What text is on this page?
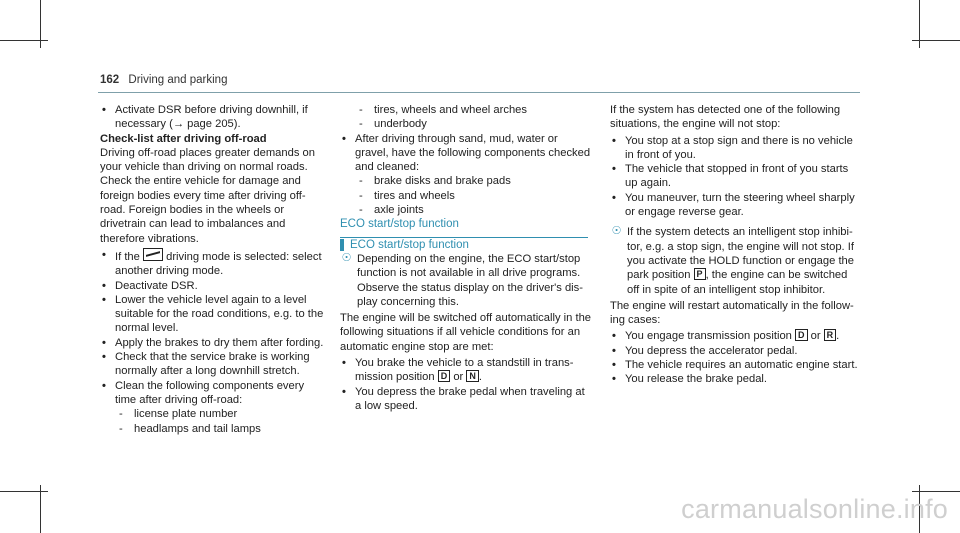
162 Driving and parking

• Activate DSR before driving downhill, if necessary (→ page 205).

Check-list after driving off-road

Driving off-road places greater demands on your vehicle than driving on normal roads. Check the entire vehicle for damage and foreign bodies every time after driving off-road. Foreign bodies in the wheels or drivetrain can lead to imbalances and therefore vibrations.

• If the driving mode is selected: select another driving mode.

• Deactivate DSR.

• Lower the vehicle level again to a level suitable for the road conditions, e.g. to the normal level.

• Apply the brakes to dry them after fording.

• Check that the service brake is working normally after a long downhill stretch.

• Clean the following components every time after driving off-road:

- license plate number

- headlamps and tail lamps

- tires, wheels and wheel arches

- underbody

• After driving through sand, mud, water or gravel, have the following components checked and cleaned:

- brake disks and brake pads

- tires and wheels

- axle joints

ECO start/stop function

ECO start/stop function

☉ Depending on the engine, the ECO start/stop function is not available in all drive programs. Observe the status display on the driver's display concerning this.

The engine will be switched off automatically in the following situations if all vehicle conditions for an automatic engine stop are met:

• You brake the vehicle to a standstill in transmission position D or N .

• You depress the brake pedal when traveling at a low speed.

If the system has detected one of the following situations, the engine will not stop:

• You stop at a stop sign and there is no vehicle in front of you.

• The vehicle that stopped in front of you starts up again.

• You maneuver, turn the steering wheel sharply or engage reverse gear.

☉ If the system detects an intelligent stop inhibitor, e.g. a stop sign, the engine will not stop. If you activate the HOLD function or engage the park position P , the engine can be switched off in spite of an intelligent stop inhibitor.

The engine will restart automatically in the following cases:

• You engage transmission position D or R .

• You depress the accelerator pedal.

• The vehicle requires an automatic engine start.

• You release the brake pedal.

carmanualsonline.info
